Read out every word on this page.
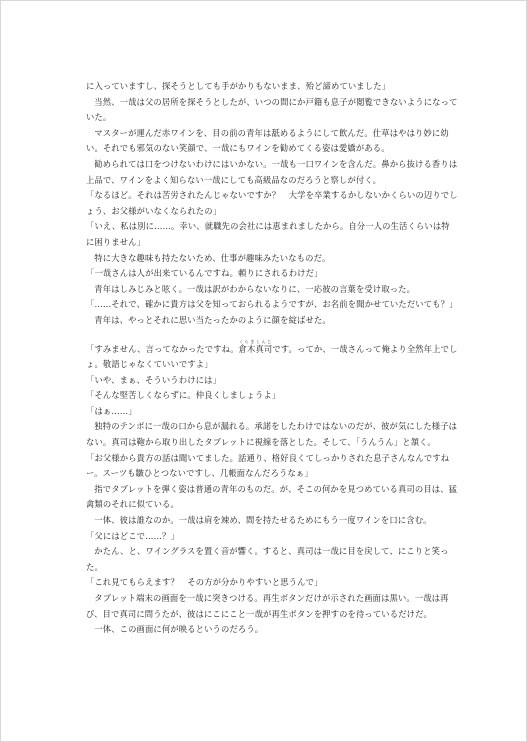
に入っていますし、探そうとしても手がかりもないまま、殆ど諦めていました」

当然、一哉は父の居所を探そうとしたが、いつの間にか戸籍も息子が閲覧できないようになっていた。

マスターが運んだ赤ワインを、目の前の青年は舐めるようにして飲んだ。仕草はやはり妙に幼い。それでも邪気のない笑顔で、一哉にもワインを勧めてくる姿は愛嬌がある。

勧められては口をつけないわけにはいかない。一哉も一口ワインを含んだ。鼻から抜ける香りは上品で、ワインをよく知らない一哉にしても高級品なのだろうと察しが付く。

「なるほど。それは苦労されたんじゃないですか？　大学を卒業するかしないかくらいの辺りでしょう、お父様がいなくなられたの」

「いえ、私は別に……。幸い、就職先の会社には恵まれましたから。自分一人の生活くらいは特に困りません」

特に大きな趣味も持たないため、仕事が趣味みたいなものだ。

「一哉さんは人が出来ているんですね。頼りにされるわけだ」

青年はしみじみと呟く。一哉は訳がわからないなりに、一応彼の言葉を受け取った。

「……それで、確かに貴方は父を知っておられるようですが、お名前を聞かせていただいても？」

青年は、やっとそれに思い当たったかのように顔を綻ばせた。

「すみません、言ってなかったですね。倉木真司くらきしんじです。ってか、一哉さんって俺より全然年上でしょ。敬語じゃなくていいですよ」

「いや、まぁ、そういうわけには」

「そんな堅苦しくならずに。仲良くしましょうよ」

「はぁ……」

独特のテンポに一哉の口から息が漏れる。承諾をしたわけではないのだが、彼が気にした様子はない。真司は鞄から取り出したタブレットに視線を落とした。そして、「うんうん」と頷く。

「お父様から貴方の話は聞いてました。話通り、格好良くてしっかりされた息子さんなんですねー。スーツも皺ひとつないですし、几帳面なんだろうなぁ」

指でタブレットを弾く姿は普通の青年のものだ。が、そこの何かを見つめている真司の目は、猛禽類のそれに似ている。

一体、彼は誰なのか。一哉は肩を竦め、間を持たせるためにもう一度ワインを口に含む。

「父にはどこで……？」

かたん、と、ワイングラスを置く音が響く。すると、真司は一哉に目を戻して、にこりと笑った。

「これ見てもらえます？　その方が分かりやすいと思うんで」

タブレット端末の画面を一哉に突きつける。再生ボタンだけが示された画面は黒い。一哉は再び、目で真司に問うたが、彼はにこにこと一哉が再生ボタンを押すのを待っているだけだ。

一体、この画面に何が映るというのだろう。
